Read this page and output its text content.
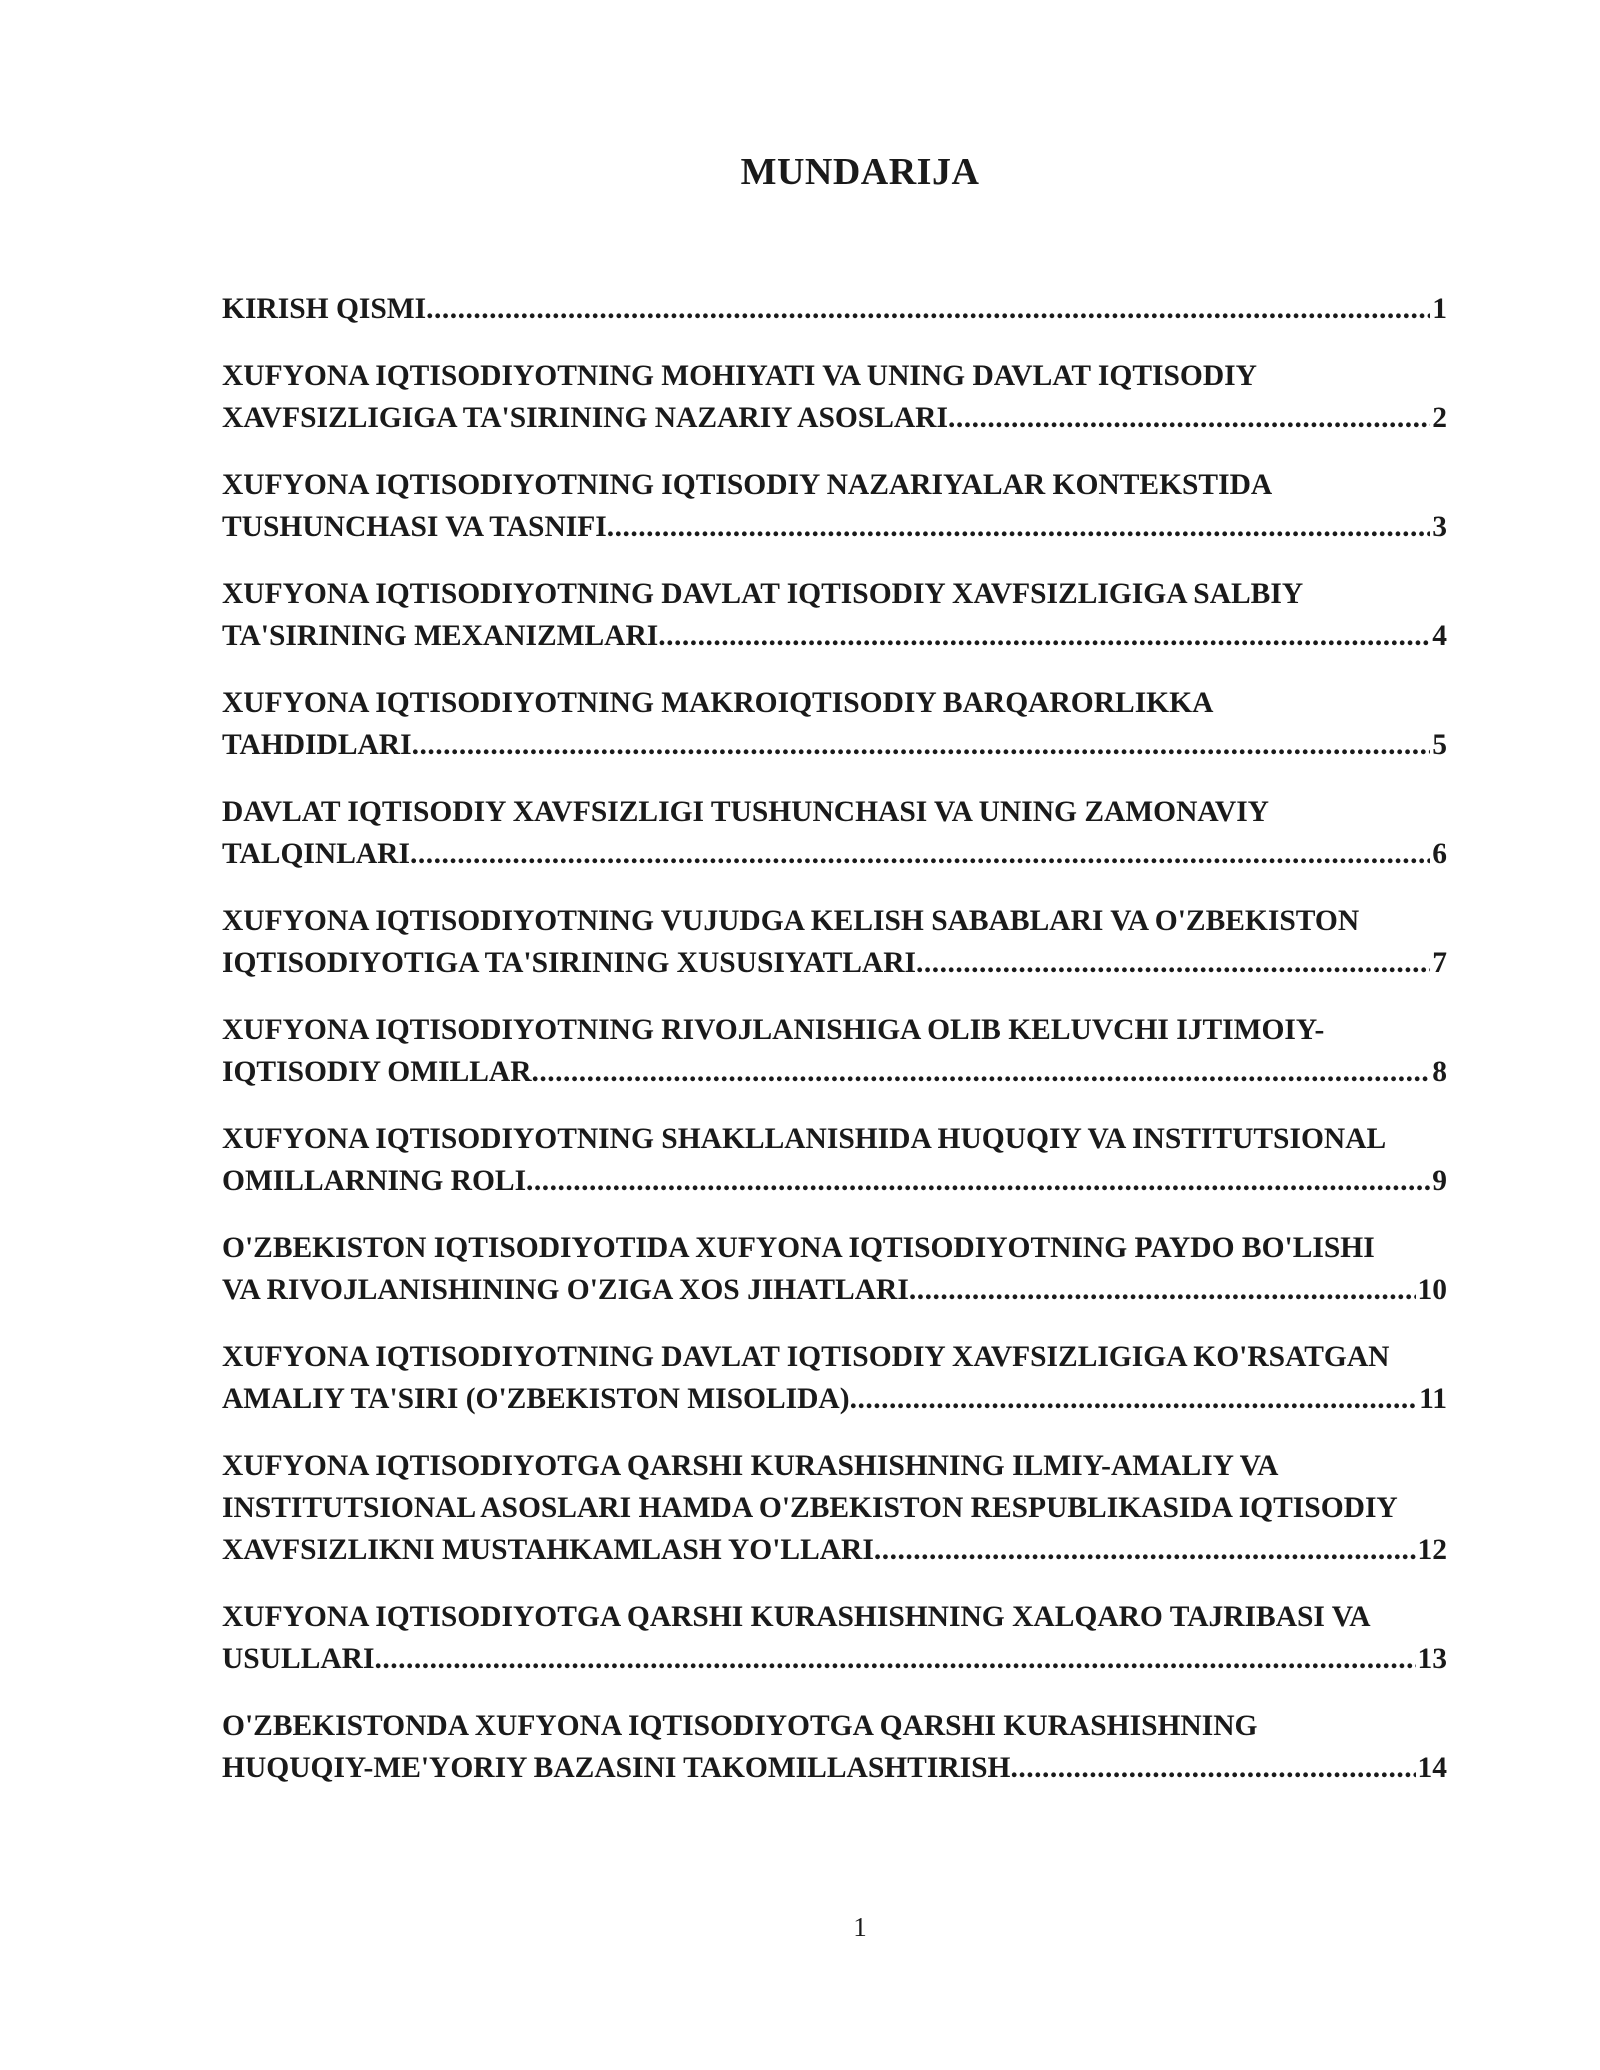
MUNDARIJA
KIRISH QISMI .....	1
XUFYONA IQTISODIYOTNING MOHIYATI VA UNING DAVLAT IQTISODIY
XAVFSIZLIGIGA TA'SIRINING NAZARIY ASOSLARI .....	2
XUFYONA IQTISODIYOTNING IQTISODIY NAZARIYALAR KONTEKSTIDA
TUSHUNCHASI VA TASNIFI .....	3
XUFYONA IQTISODIYOTNING DAVLAT IQTISODIY XAVFSIZLIGIGA SALBIY
TA'SIRINING MEXANIZMLARI .....	4
XUFYONA IQTISODIYOTNING MAKROIQTISODIY BARQARORLIKKA
TAHDIDLARI .....	5
DAVLAT IQTISODIY XAVFSIZLIGI TUSHUNCHASI VA UNING ZAMONAVIY
TALQINLARI .....	6
XUFYONA IQTISODIYOTNING VUJUDGA KELISH SABABLARI VA O'ZBEKISTON
IQTISODIYOTIGA TA'SIRINING XUSUSIYATLARI .....	7
XUFYONA IQTISODIYOTNING RIVOJLANISHIGA OLIB KELUVCHI IJTIMOIY-
IQTISODIY OMILLAR .....	8
XUFYONA IQTISODIYOTNING SHAKLLANISHIDA HUQUQIY VA INSTITUTSIONAL
OMILLARNING ROLI .....	9
O'ZBEKISTON IQTISODIYOTIDA XUFYONA IQTISODIYOTNING PAYDO BO'LISHI
VA RIVOJLANISHINING O'ZIGA XOS JIHATLARI .....	10
XUFYONA IQTISODIYOTNING DAVLAT IQTISODIY XAVFSIZLIGIGA KO'RSATGAN
AMALIY TA'SIRI (O'ZBEKISTON MISOLIDA) .....	11
XUFYONA IQTISODIYOTGA QARSHI KURASHISHNING ILMIY-AMALIY VA
INSTITUTSIONAL ASOSLARI HAMDA O'ZBEKISTON RESPUBLIKASIDA IQTISODIY
XAVFSIZLIKNI MUSTAHKAMLASH YO'LLARI .....	12
XUFYONA IQTISODIYOTGA QARSHI KURASHISHNING XALQARO TAJRIBASI VA
USULLARI .....	13
O'ZBEKISTONDA XUFYONA IQTISODIYOTGA QARSHI KURASHISHNING
HUQUQIY-ME'YORIY BAZASINI TAKOMILLASHTIRISH .....	14
1
